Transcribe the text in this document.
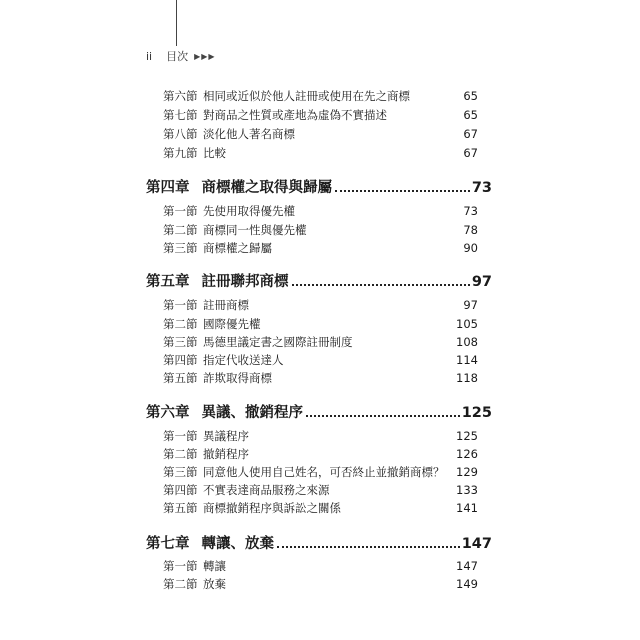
ii 目次 ▶▶▶
第六節 相同或近似於他人註冊或使用在先之商標	65
第七節 對商品之性質或產地為虛偽不實描述	65
第八節 淡化他人著名商標	67
第九節 比較	67
第四章 商標權之取得與歸屬	73
第一節 先使用取得優先權	73
第二節 商標同一性與優先權	78
第三節 商標權之歸屬	90
第五章 註冊聯邦商標	97
第一節 註冊商標	97
第二節 國際優先權	105
第三節 馬德里議定書之國際註冊制度	108
第四節 指定代收送達人	114
第五節 詐欺取得商標	118
第六章 異議、撤銷程序	125
第一節 異議程序	125
第二節 撤銷程序	126
第三節 同意他人使用自己姓名，可否終止並撤銷商標？	129
第四節 不實表達商品服務之來源	133
第五節 商標撤銷程序與訴訟之關係	141
第七章 轉讓、放棄	147
第一節 轉讓	147
第二節 放棄	149
